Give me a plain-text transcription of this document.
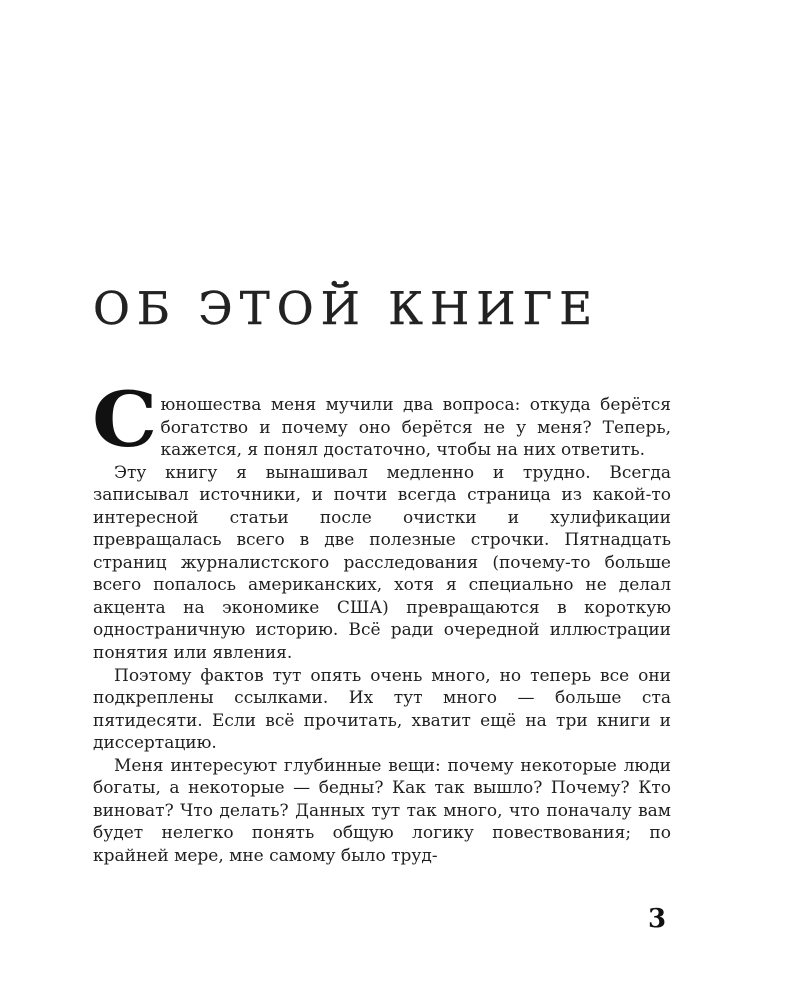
ОБ ЭТОЙ КНИГЕ

Сюношества меня мучили два вопроса: откуда берётся богатство и почему оно берётся не у меня? Теперь, кажется, я понял достаточно, чтобы на них ответить.

Эту книгу я вынашивал медленно и трудно. Всегда записывал источники, и почти всегда страница из какой-то интересной статьи после очистки и хулификации превращалась всего в две полезные строчки. Пятнадцать страниц журналистского расследования (почему-то больше всего попалось американских, хотя я специально не делал акцента на экономике США) превращаются в короткую одностраничную историю. Всё ради очередной иллюстрации понятия или явления.

Поэтому фактов тут опять очень много, но теперь все они подкреплены ссылками. Их тут много — больше ста пятидесяти. Если всё прочитать, хватит ещё на три книги и диссертацию.

Меня интересуют глубинные вещи: почему некоторые люди богаты, а некоторые — бедны? Как так вышло? Почему? Кто виноват? Что делать? Данных тут так много, что поначалу вам будет нелегко понять общую логику повествования; по крайней мере, мне самому было труд-

3
